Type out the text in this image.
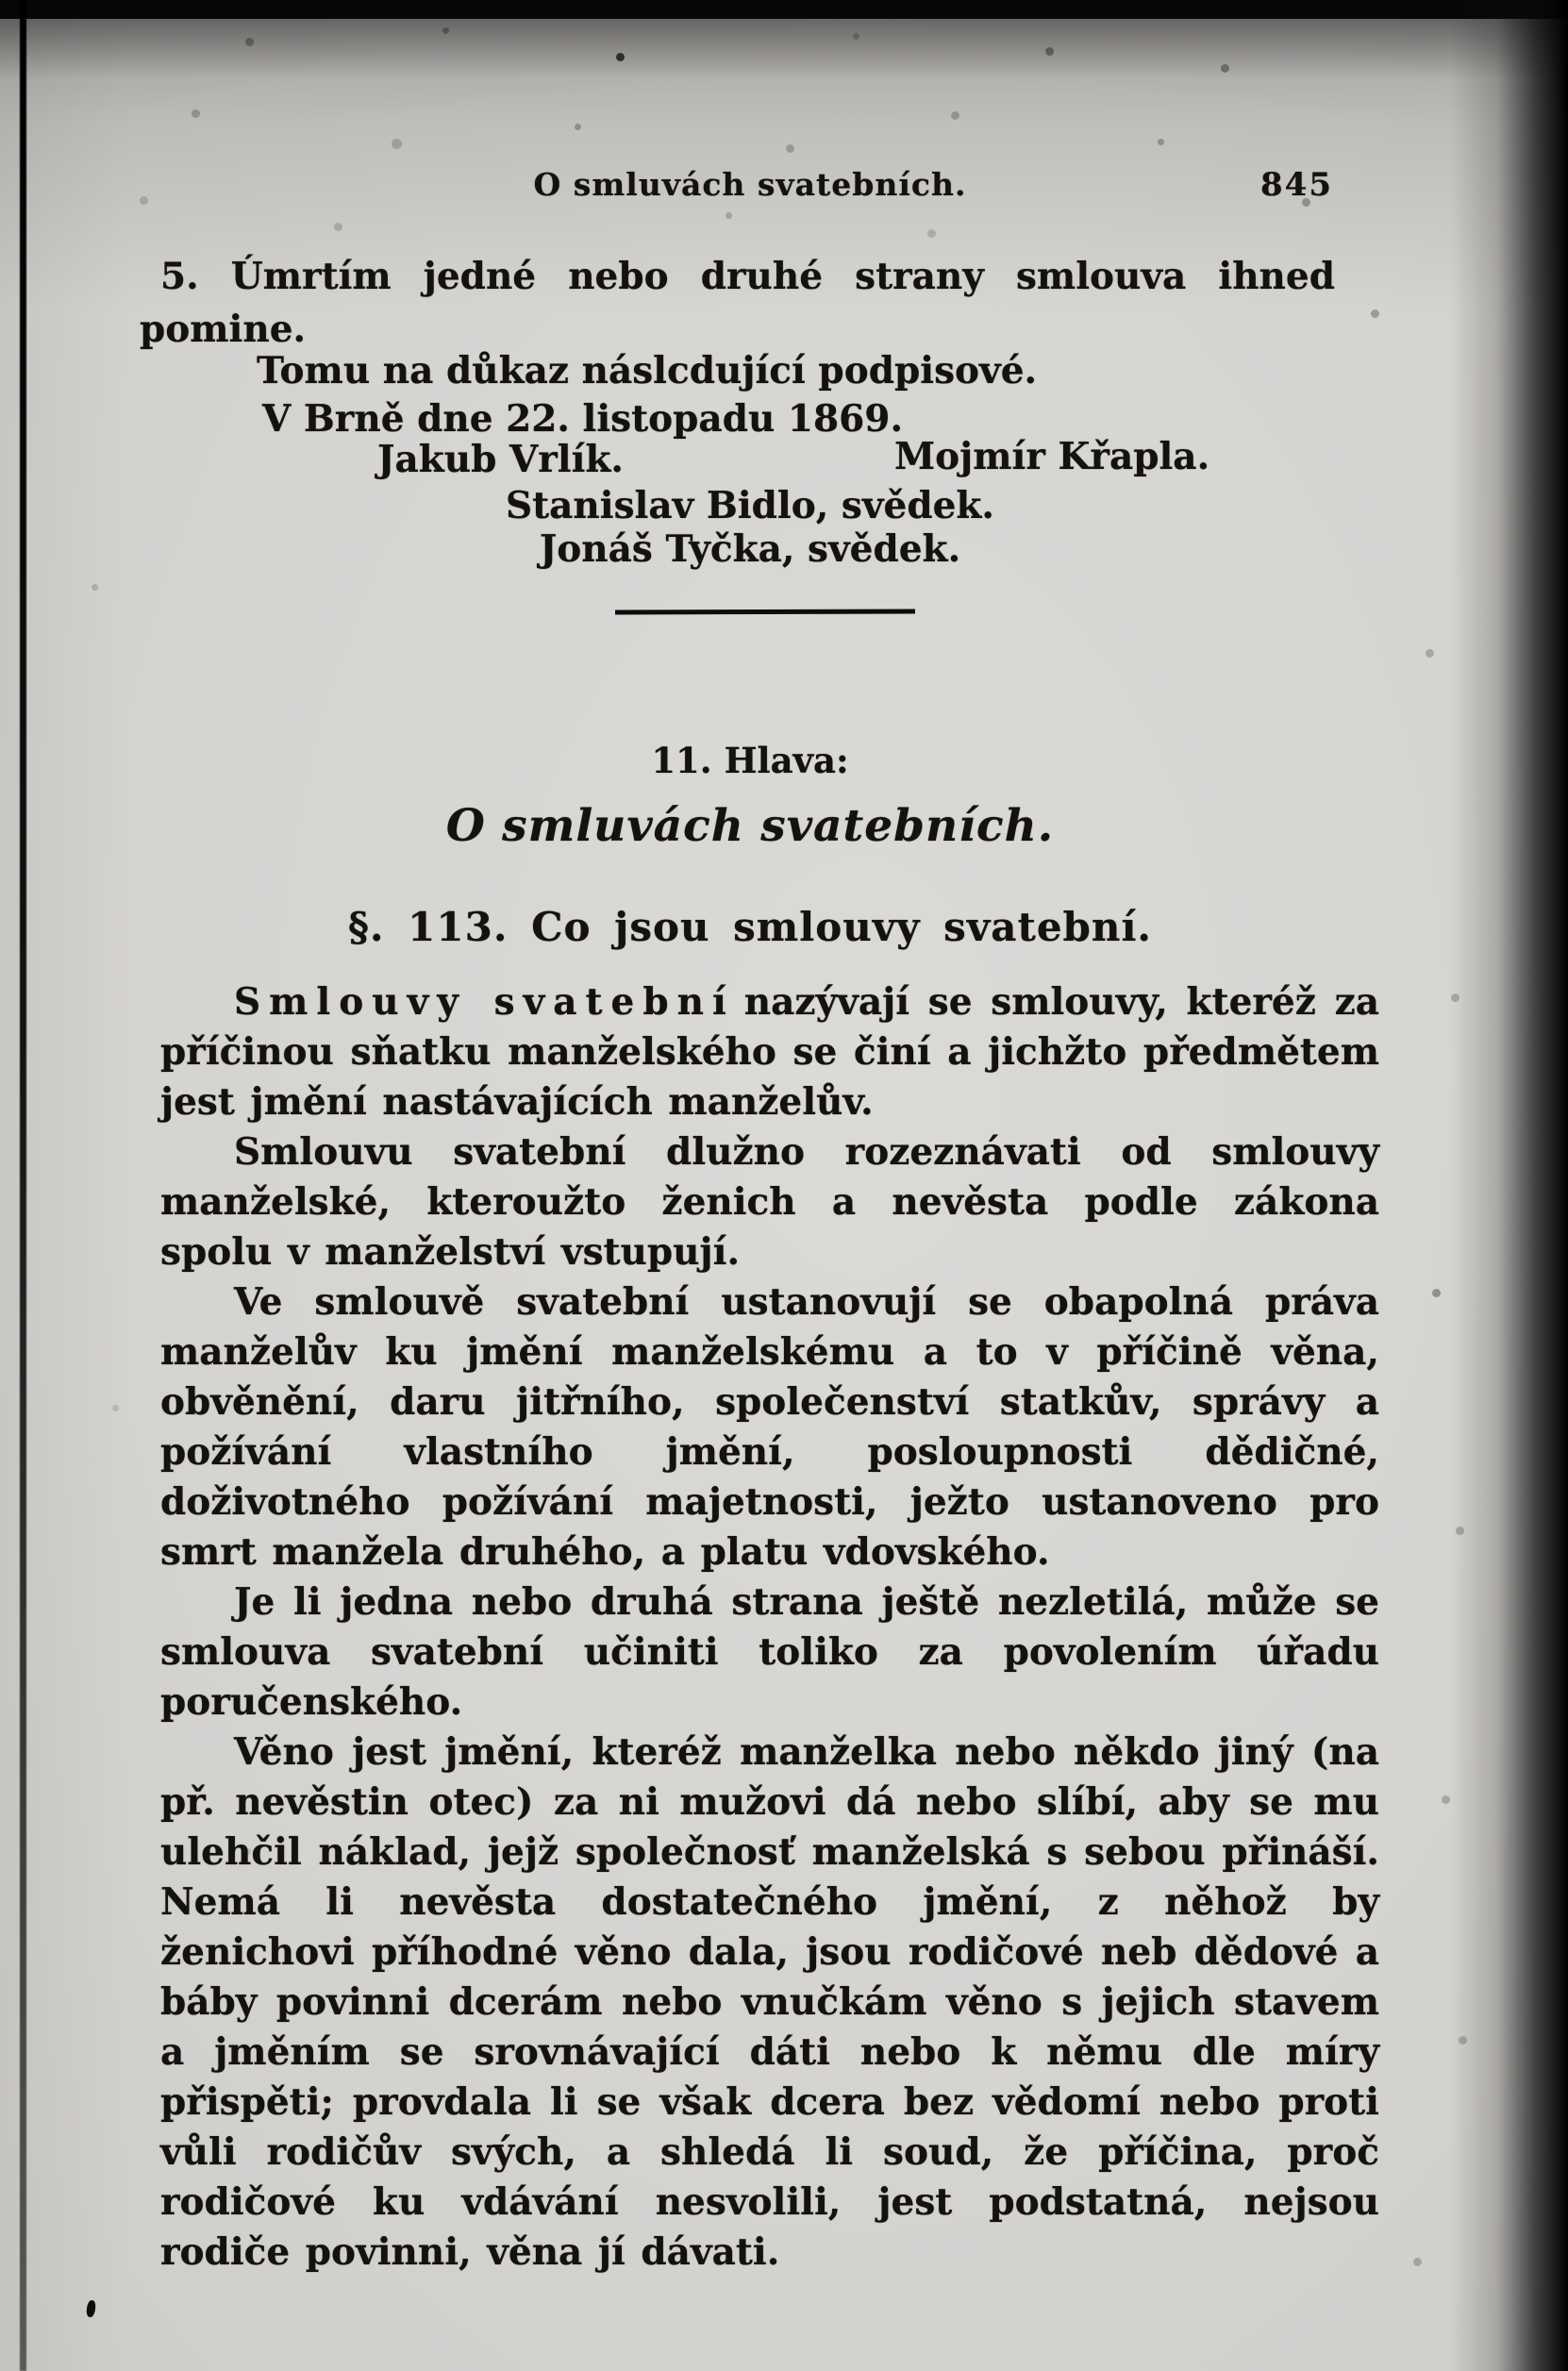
O smluvách svatebních.	845
5. Úmrtím jedné nebo druhé strany smlouva ihned
pomine.
Tomu na důkaz náslcdující podpisové.
V Brně dne 22. listopadu 1869.
Jakub Vrlík.	Mojmír Křapla.
Stanislav Bidlo, svědek.
Jonáš Tyčka, svědek.
11. Hlava:
O smluvách svatebních.
§. 113. Co jsou smlouvy svatební.

Smlouvy svatební nazývají se smlouvy, kteréž za příčinou sňatku manželského se činí a jichžto předmětem jest jmění nastávajících manželův.

Smlouvu svatební dlužno rozeznávati od smlouvy manželské, kteroužto ženich a nevěsta podle zákona spolu v manželství vstupují.

Ve smlouvě svatební ustanovují se obapolná práva manželův ku jmění manželskému a to v příčině věna, obvěnění, daru jitřního, společenství statkův, správy a požívání vlastního jmění, posloupnosti dědičné, doživotného požívání majetnosti, ježto ustanoveno pro smrt manžela druhého, a platu vdovského.

Je li jedna nebo druhá strana ještě nezletilá, může se smlouva svatební učiniti toliko za povolením úřadu poručenského.

Věno jest jmění, kteréž manželka nebo někdo jiný (na př. nevěstin otec) za ni mužovi dá nebo slíbí, aby se mu ulehčil náklad, jejž společnosť manželská s sebou přináší. Nemá li nevěsta dostatečného jmění, z něhož by ženichovi příhodné věno dala, jsou rodičové neb dědové a báby povinni dcerám nebo vnučkám věno s jejich stavem a jměním se srovnávající dáti nebo k němu dle míry přispěti; provdala li se však dcera bez vědomí nebo proti vůli rodičův svých, a shledá li soud, že příčina, proč rodičové ku vdávání nesvolili, jest podstatná, nejsou rodiče povinni, věna jí dávati.
